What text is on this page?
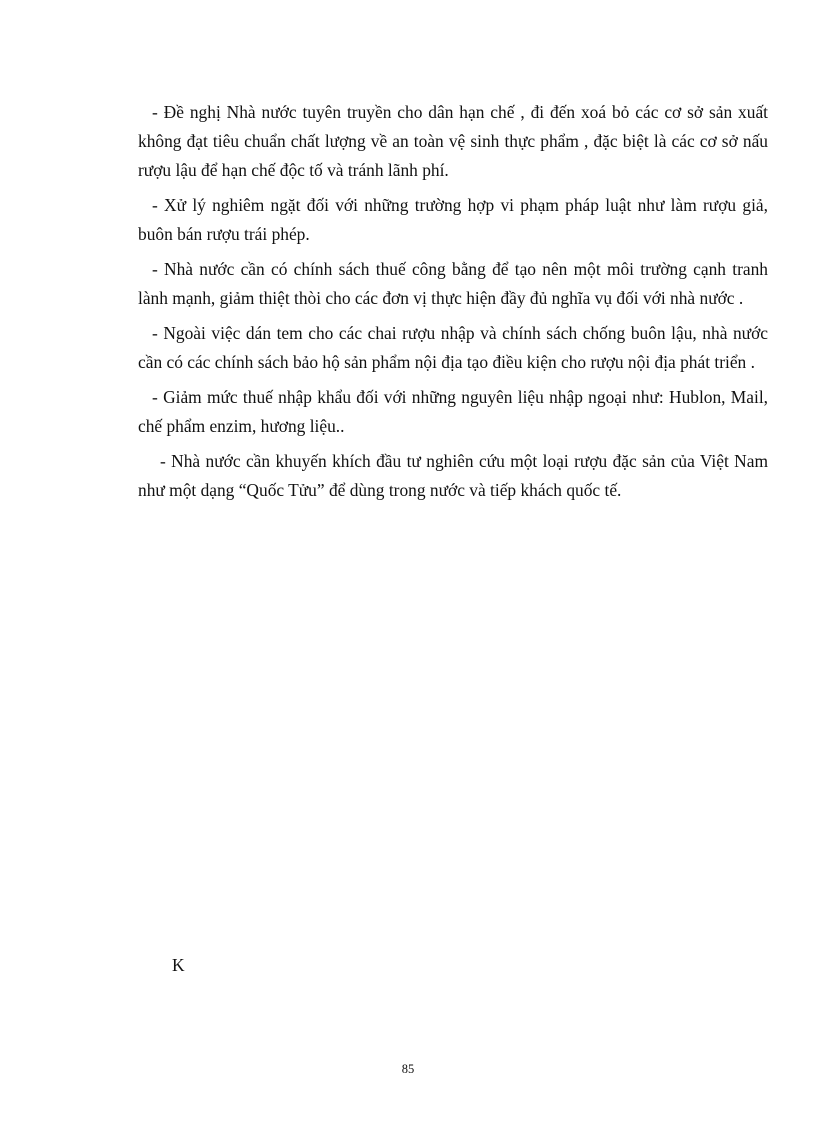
- Đề nghị Nhà nước tuyên truyền cho dân hạn chế , đi đến xoá bỏ các cơ sở sản xuất không đạt tiêu chuẩn chất lượng về an toàn vệ sinh thực phẩm , đặc biệt là các cơ sở nấu rượu lậu để hạn chế độc tố và tránh lãnh phí.

- Xử lý nghiêm ngặt đối với những trường hợp vi phạm pháp luật như làm rượu giả, buôn bán rượu trái phép.

- Nhà nước cần có chính sách thuế công bằng để tạo nên một môi trường cạnh tranh lành mạnh, giảm thiệt thòi cho các đơn vị thực hiện đầy đủ nghĩa vụ đối với nhà nước .

- Ngoài việc dán tem cho các chai rượu nhập và chính sách chống buôn lậu, nhà nước cần có các chính sách bảo hộ sản phẩm nội địa tạo điều kiện cho rượu nội địa phát triển .

- Giảm mức thuế nhập khẩu đối với những nguyên liệu nhập ngoại như: Hublon, Mail, chế phẩm enzim, hương liệu..

- Nhà nước cần khuyến khích đầu tư nghiên cứu một loại rượu đặc sản của Việt Nam như một dạng “Quốc Tửu” để dùng trong nước và tiếp khách quốc tế.

K
85
